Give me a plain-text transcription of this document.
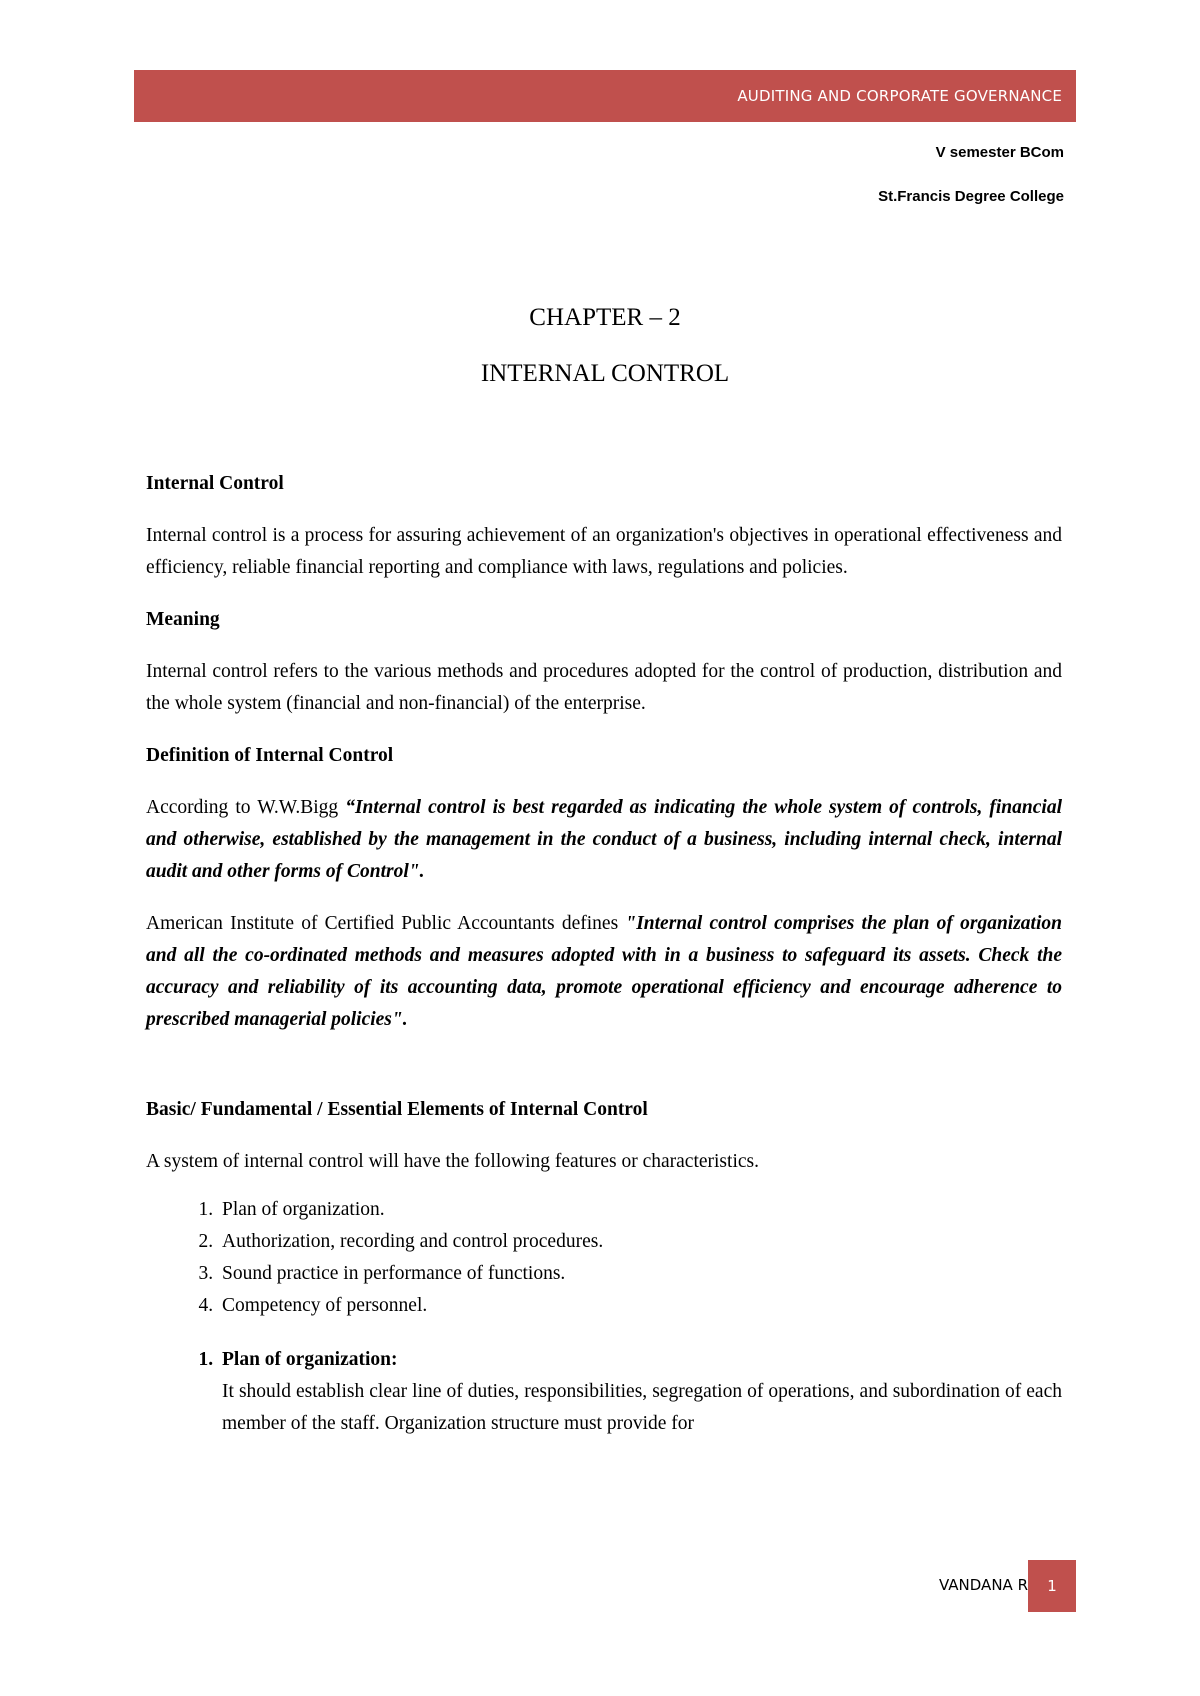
AUDITING AND CORPORATE GOVERNANCE
V semester BCom
St.Francis Degree College
CHAPTER – 2
INTERNAL CONTROL
Internal Control

Internal control is a process for assuring achievement of an organization's objectives in operational effectiveness and efficiency, reliable financial reporting and compliance with laws, regulations and policies.

Meaning

Internal control refers to the various methods and procedures adopted for the control of production, distribution and the whole system (financial and non-financial) of the enterprise.

Definition of Internal Control

According to W.W.Bigg “Internal control is best regarded as indicating the whole system of controls, financial and otherwise, established by the management in the conduct of a business, including internal check, internal audit and other forms of Control".

American Institute of Certified Public Accountants defines "Internal control comprises the plan of organization and all the co-ordinated methods and measures adopted with in a business to safeguard its assets. Check the accuracy and reliability of its accounting data, promote operational efficiency and encourage adherence to prescribed managerial policies".

Basic/ Fundamental / Essential Elements of Internal Control

A system of internal control will have the following features or characteristics.

1. Plan of organization.
2. Authorization, recording and control procedures.
3. Sound practice in performance of functions.
4. Competency of personnel.
1. Plan of organization:
It should establish clear line of duties, responsibilities, segregation of operations, and subordination of each member of the staff. Organization structure must provide for
VANDANA R	1
